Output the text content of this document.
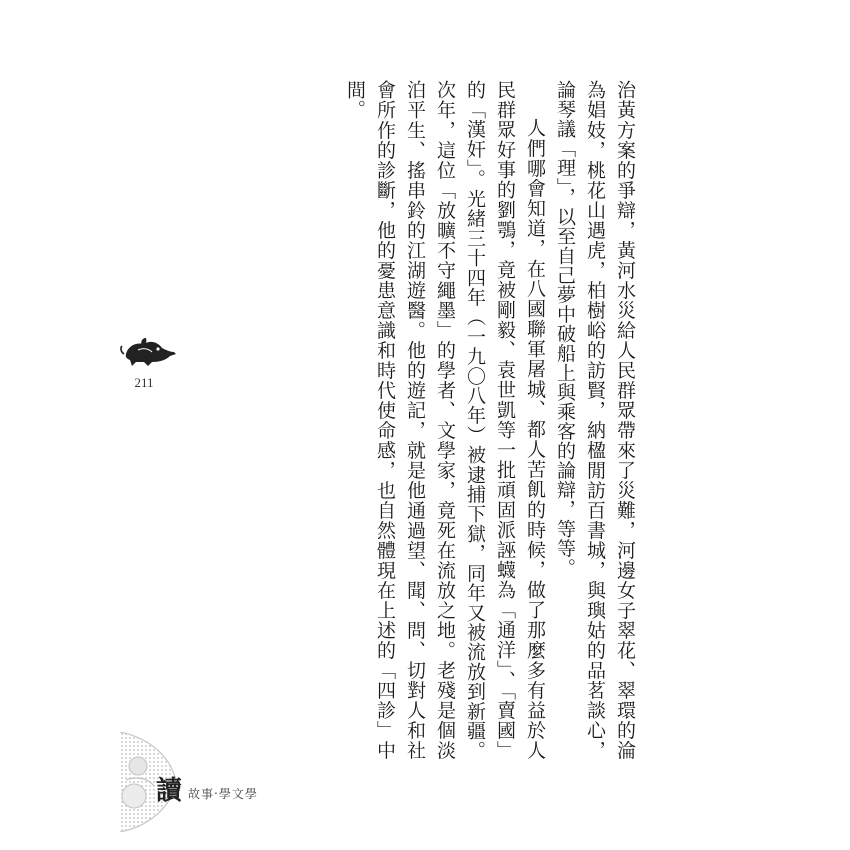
治黃方案的爭辯，黃河水災給人民群眾帶來了災難，河邊女子翠花、翠環的淪為娼妓，桃花山遇虎，柏樹峪的訪賢，納楹閒訪百書城，與璵姑的品茗談心，論琴議「理」，以至自己夢中破船上與乘客的論辯，等等。

人們哪會知道，在八國聯軍屠城、都人苦飢的時候，做了那麼多有益於人民群眾好事的劉鶚，竟被剛毅、袁世凱等一批頑固派誣蠛為「通洋」、「賣國」的「漢奸」。光緒三十四年（一九〇八年）被逮捕下獄，同年又被流放到新疆。次年，這位「放曠不守繩墨」的學者、文學家，竟死在流放之地。老殘是個淡泊平生、搖串鈴的江湖遊醫。他的遊記，就是他通過望、聞、問、切對人和社會所作的診斷，他的憂患意識和時代使命感，也自然體現在上述的「四診」中間。

211
讀 故事‧學文學
